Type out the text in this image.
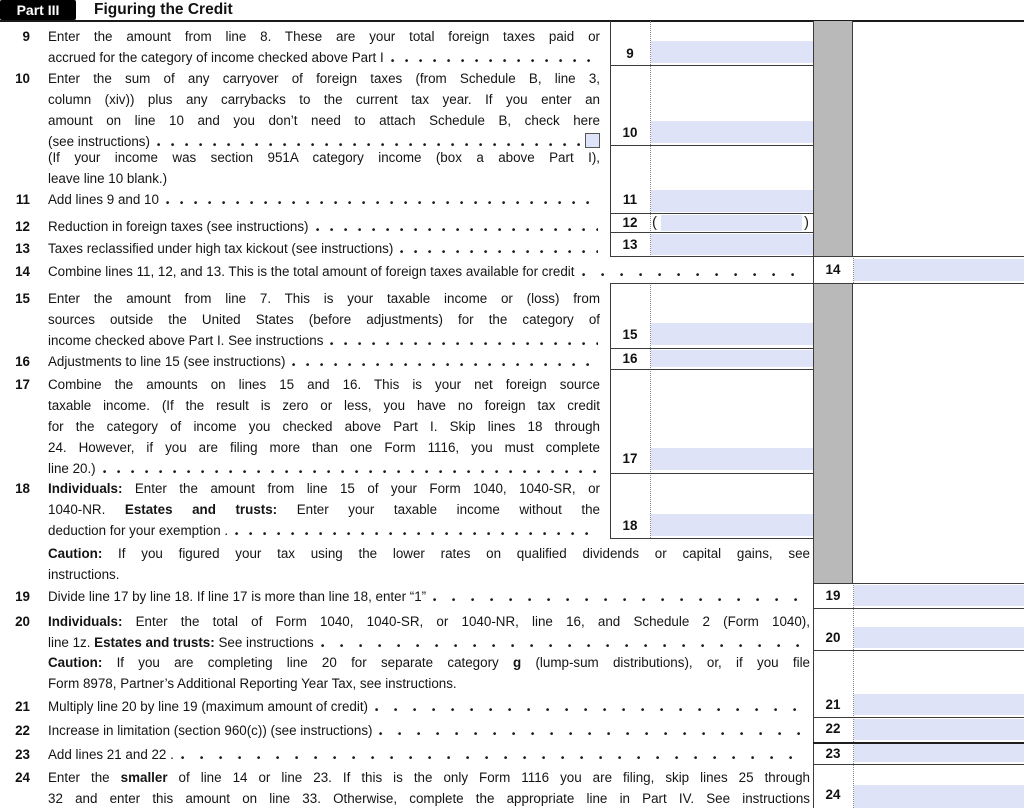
Part III	Figuring the Credit
9
10
11
12
13
14
15
16
17
18
19
20
21
22
23
24
Enter the amount from line 8. These are your total foreign taxes paid or
accrued for the category of income checked above Part I
Enter the sum of any carryover of foreign taxes (from Schedule B, line 3,
column (xiv)) plus any carrybacks to the current tax year. If you enter an
amount on line 10 and you don’t need to attach Schedule B, check here
(see instructions)
(If your income was section 951A category income (box a above Part I),
leave line 10 blank.)
Add lines 9 and 10
Reduction in foreign taxes (see instructions)
Taxes reclassified under high tax kickout (see instructions)
Combine lines 11, 12, and 13. This is the total amount of foreign taxes available for credit
Enter the amount from line 7. This is your taxable income or (loss) from
sources outside the United States (before adjustments) for the category of
income checked above Part I. See instructions
Adjustments to line 15 (see instructions)
Combine the amounts on lines 15 and 16. This is your net foreign source
taxable income. (If the result is zero or less, you have no foreign tax credit
for the category of income you checked above Part I. Skip lines 18 through
24. However, if you are filing more than one Form 1116, you must complete
line 20.)
Individuals: Enter the amount from line 15 of your Form 1040, 1040-SR, or
1040-NR. Estates and trusts: Enter your taxable income without the
deduction for your exemption .
Caution: If you figured your tax using the lower rates on qualified dividends or capital gains, see
instructions.
Divide line 17 by line 18. If line 17 is more than line 18, enter “1”
Individuals: Enter the total of Form 1040, 1040-SR, or 1040-NR, line 16, and Schedule 2 (Form 1040),
line 1z. Estates and trusts: See instructions
Caution: If you are completing line 20 for separate category g (lump-sum distributions), or, if you file
Form 8978, Partner’s Additional Reporting Year Tax, see instructions.
Multiply line 20 by line 19 (maximum amount of credit)
Increase in limitation (section 960(c)) (see instructions)
Add lines 21 and 22 .
Enter the smaller of line 14 or line 23. If this is the only Form 1116 you are filing, skip lines 25 through
32 and enter this amount on line 33. Otherwise, complete the appropriate line in Part IV. See instructions
9
10
11
12
13
14
15
16
17
18
19
20
21
22
23
24
(	)
